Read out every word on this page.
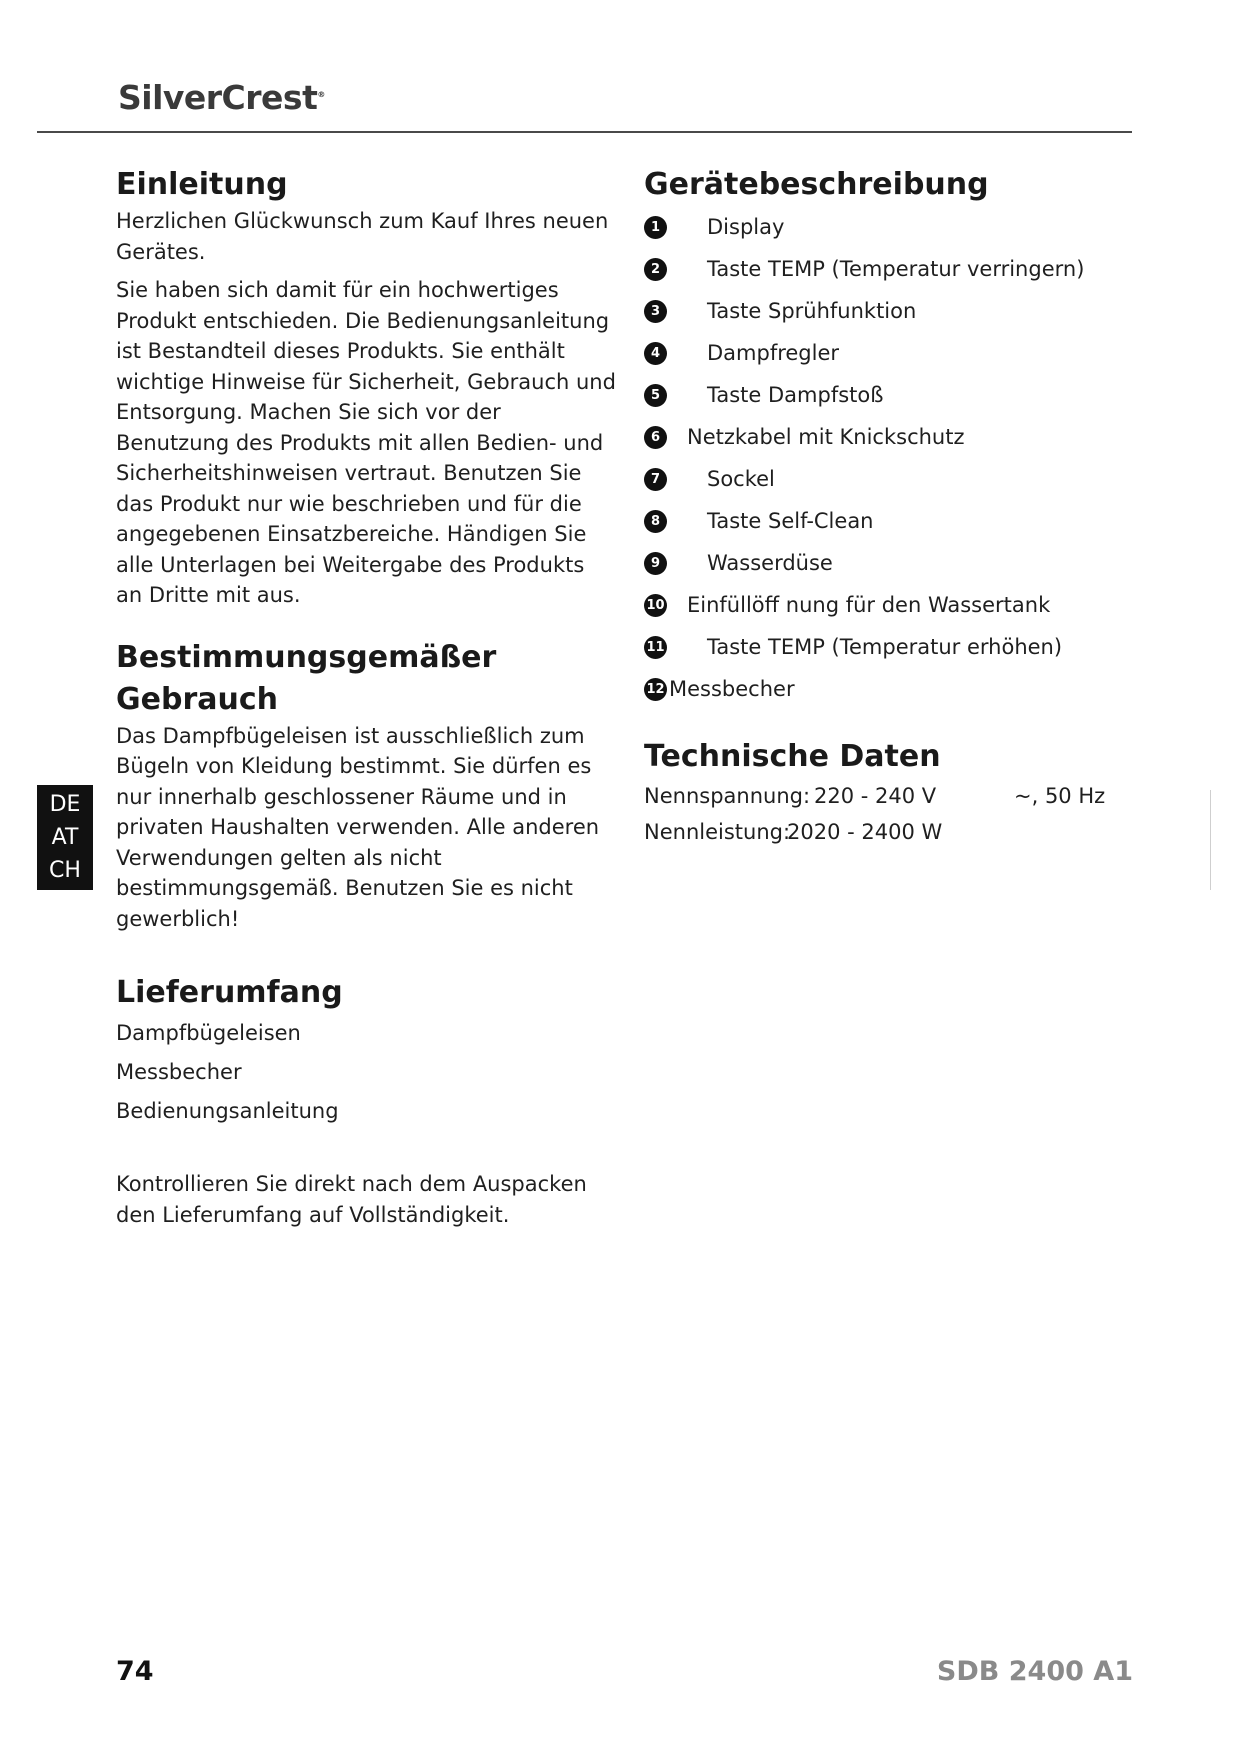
SilverCrest®
DE
AT
CH
Einleitung

Herzlichen Glückwunsch zum Kauf Ihres neuen Gerätes.

Sie haben sich damit für ein hochwertiges Produkt entschieden. Die Bedienungsanleitung ist Bestandteil dieses Produkts. Sie enthält wichtige Hinweise für Sicherheit, Gebrauch und Entsorgung. Machen Sie sich vor der Benutzung des Produkts mit allen Bedien- und Sicherheitshinweisen vertraut. Benutzen Sie das Produkt nur wie beschrieben und für die angegebenen Einsatzbereiche. Händigen Sie alle Unterlagen bei Weitergabe des Produkts an Dritte mit aus.

Bestimmungsgemäßer
Gebrauch

Das Dampfbügeleisen ist ausschließlich zum Bügeln von Kleidung bestimmt. Sie dürfen es nur innerhalb geschlossener Räume und in privaten Haushalten verwenden. Alle anderen Verwendungen gelten als nicht bestimmungsgemäß. Benutzen Sie es nicht gewerblich!

Lieferumfang
Dampfbügeleisen
Messbecher
Bedienungsanleitung

Kontrollieren Sie direkt nach dem Auspacken den Lieferumfang auf Vollständigkeit.

Gerätebeschreibung
1	Display
2	Taste TEMP (Temperatur verringern)
3	Taste Sprühfunktion
4	Dampfregler
5	Taste Dampfstoß
6	Netzkabel mit Knickschutz
7	Sockel
8	Taste Self-Clean
9	Wasserdüse
10 Einfüllöff nung für den Wassertank
11 Taste TEMP (Temperatur erhöhen)
12 Messbecher
Technische Daten
Nennspannung: 220 - 240 V	~, 50 Hz
Nennleistung:
2020 - 2400 W
74	SDB 2400 A1
